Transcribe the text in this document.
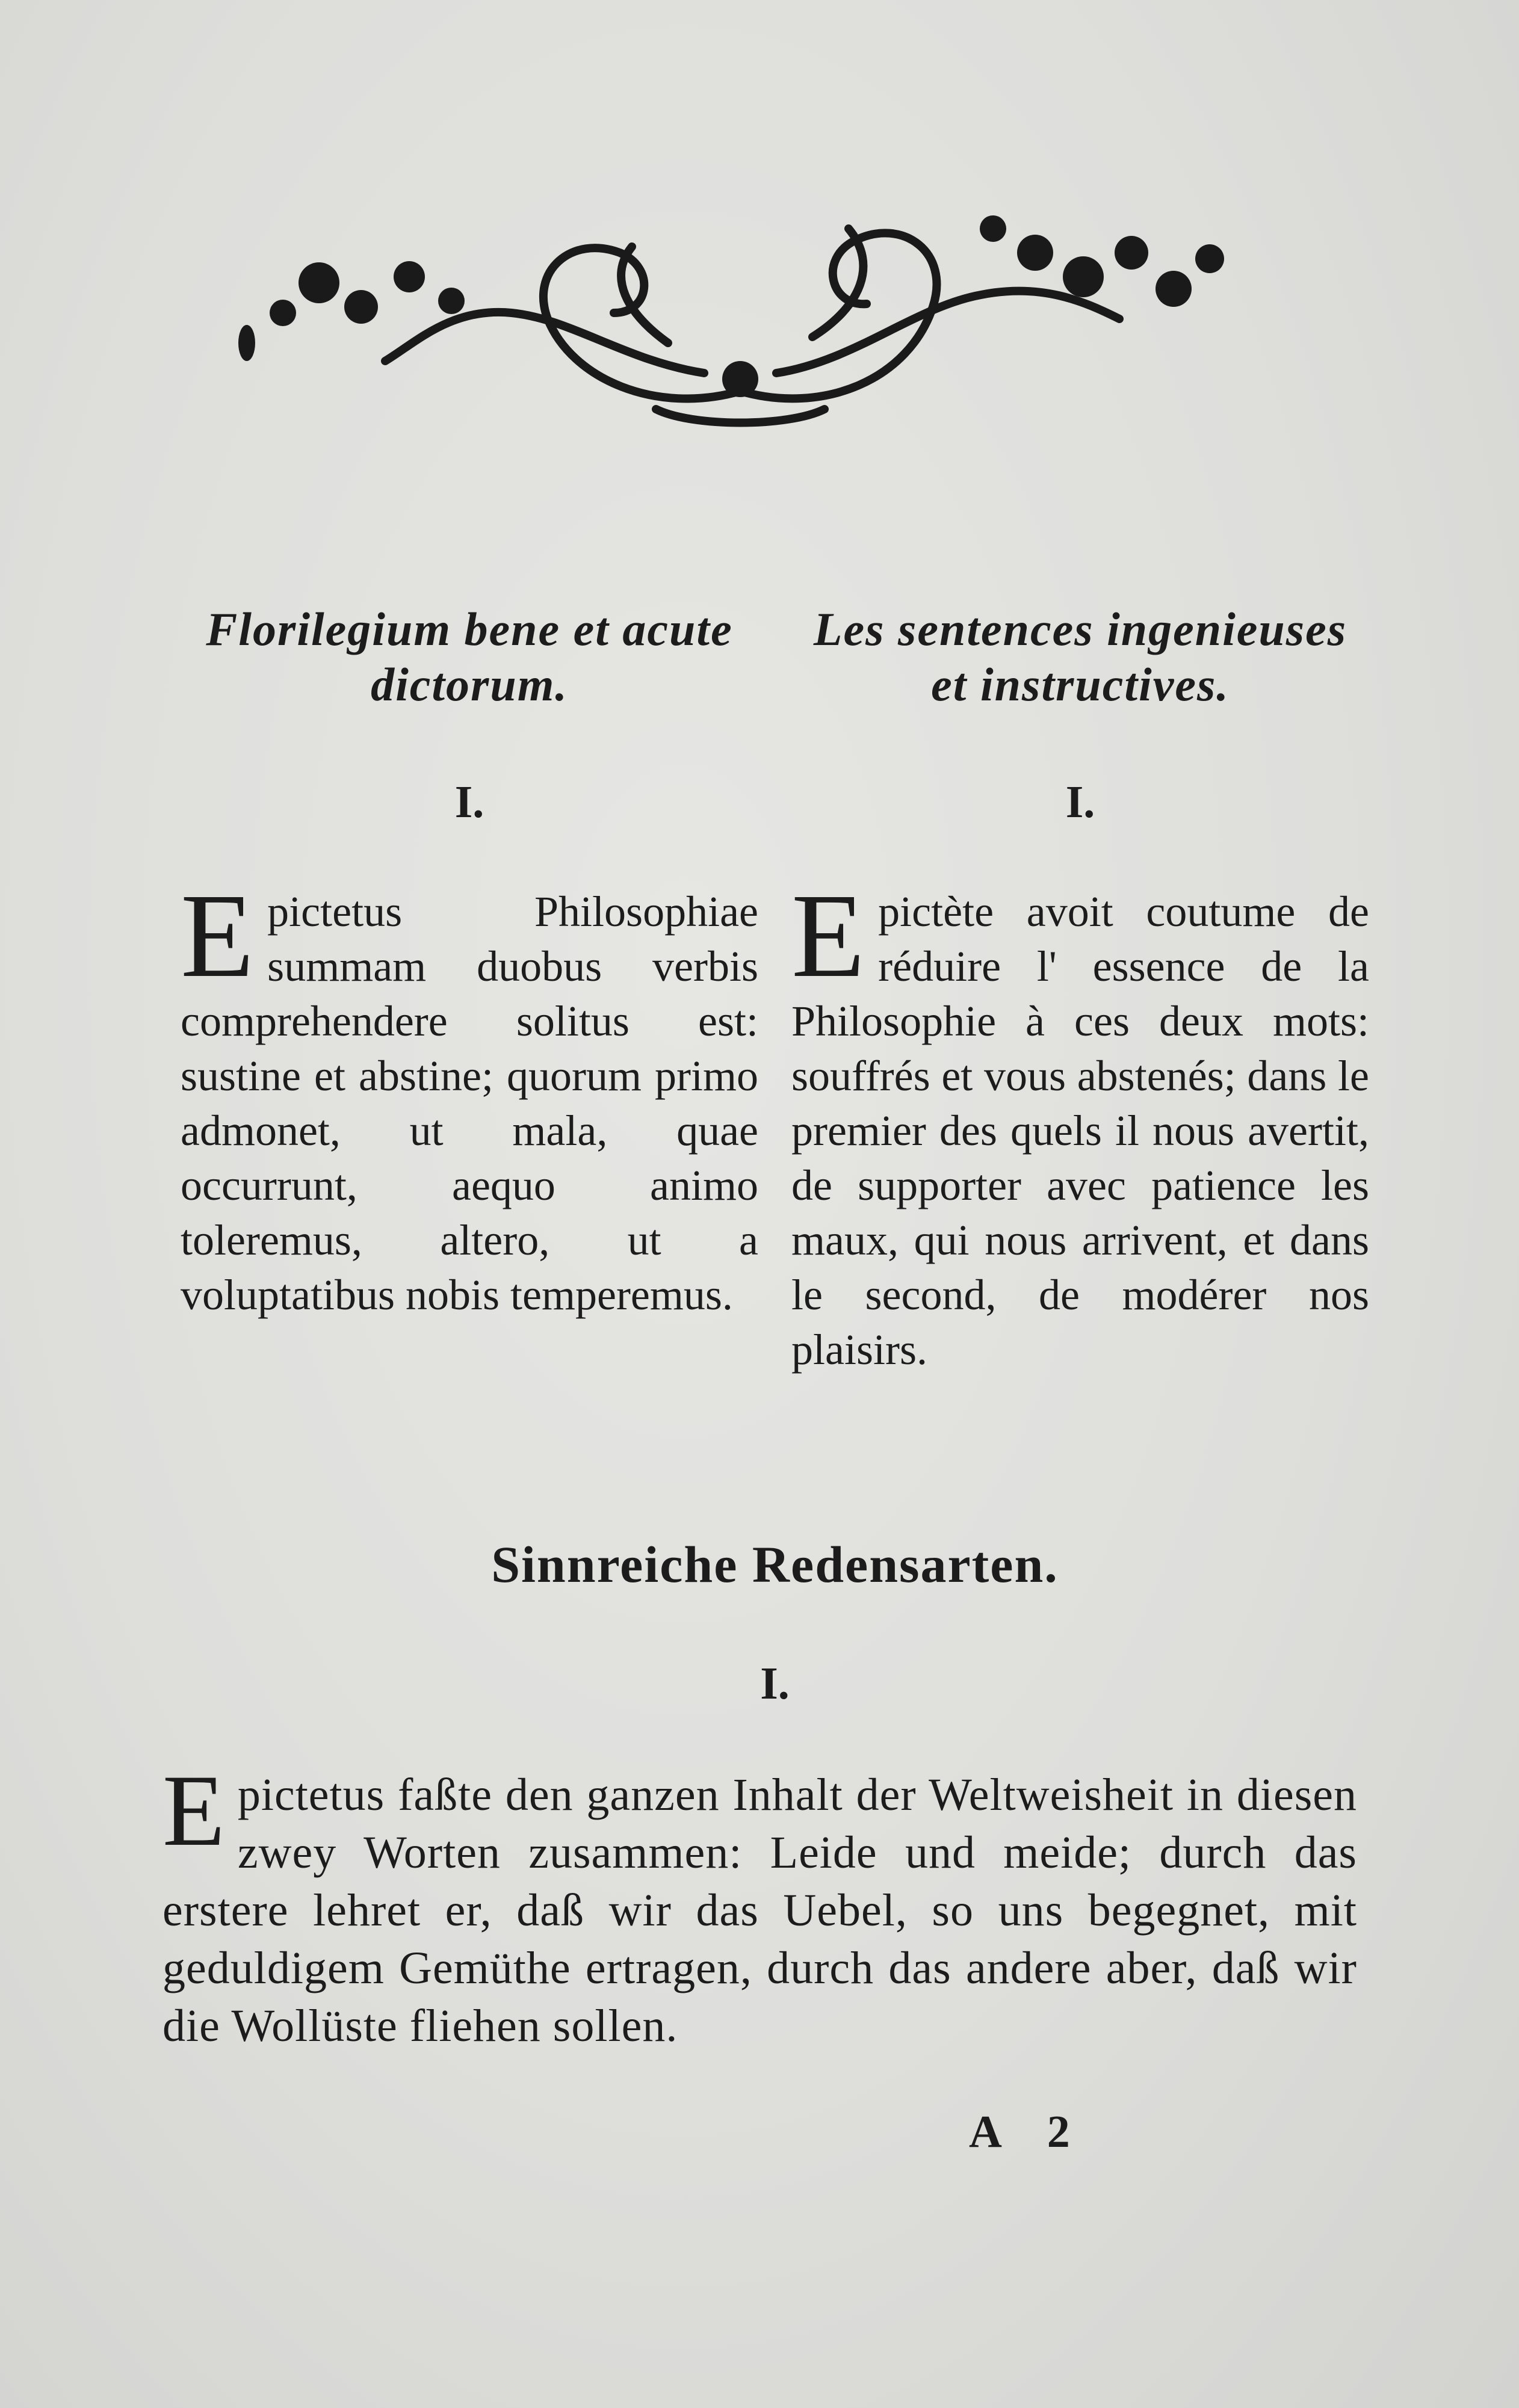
Florilegium bene et acute
dictorum.
Les sentences ingenieuses
et instructives.
I.	I.
Epictetus Philosophiae summam duobus verbis comprehendere solitus est: sustine et abstine; quorum primo admonet, ut mala, quae occurrunt, aequo animo toleremus, altero, ut a voluptatibus nobis temperemus.
Epictète avoit coutume de réduire l' essence de la Philosophie à ces deux mots: souffrés et vous abstenés; dans le premier des quels il nous avertit, de supporter avec patience les maux, qui nous arrivent, et dans le second, de modérer nos plaisirs.
Sinnreiche Redensarten.
I.
Epictetus faßte den ganzen Inhalt der Weltweisheit in diesen zwey Worten zusammen: Leide und meide; durch das erstere lehret er, daß wir das Uebel, so uns begegnet, mit geduldigem Gemüthe ertragen, durch das andere aber, daß wir die Wollüste fliehen sollen.
A 2
